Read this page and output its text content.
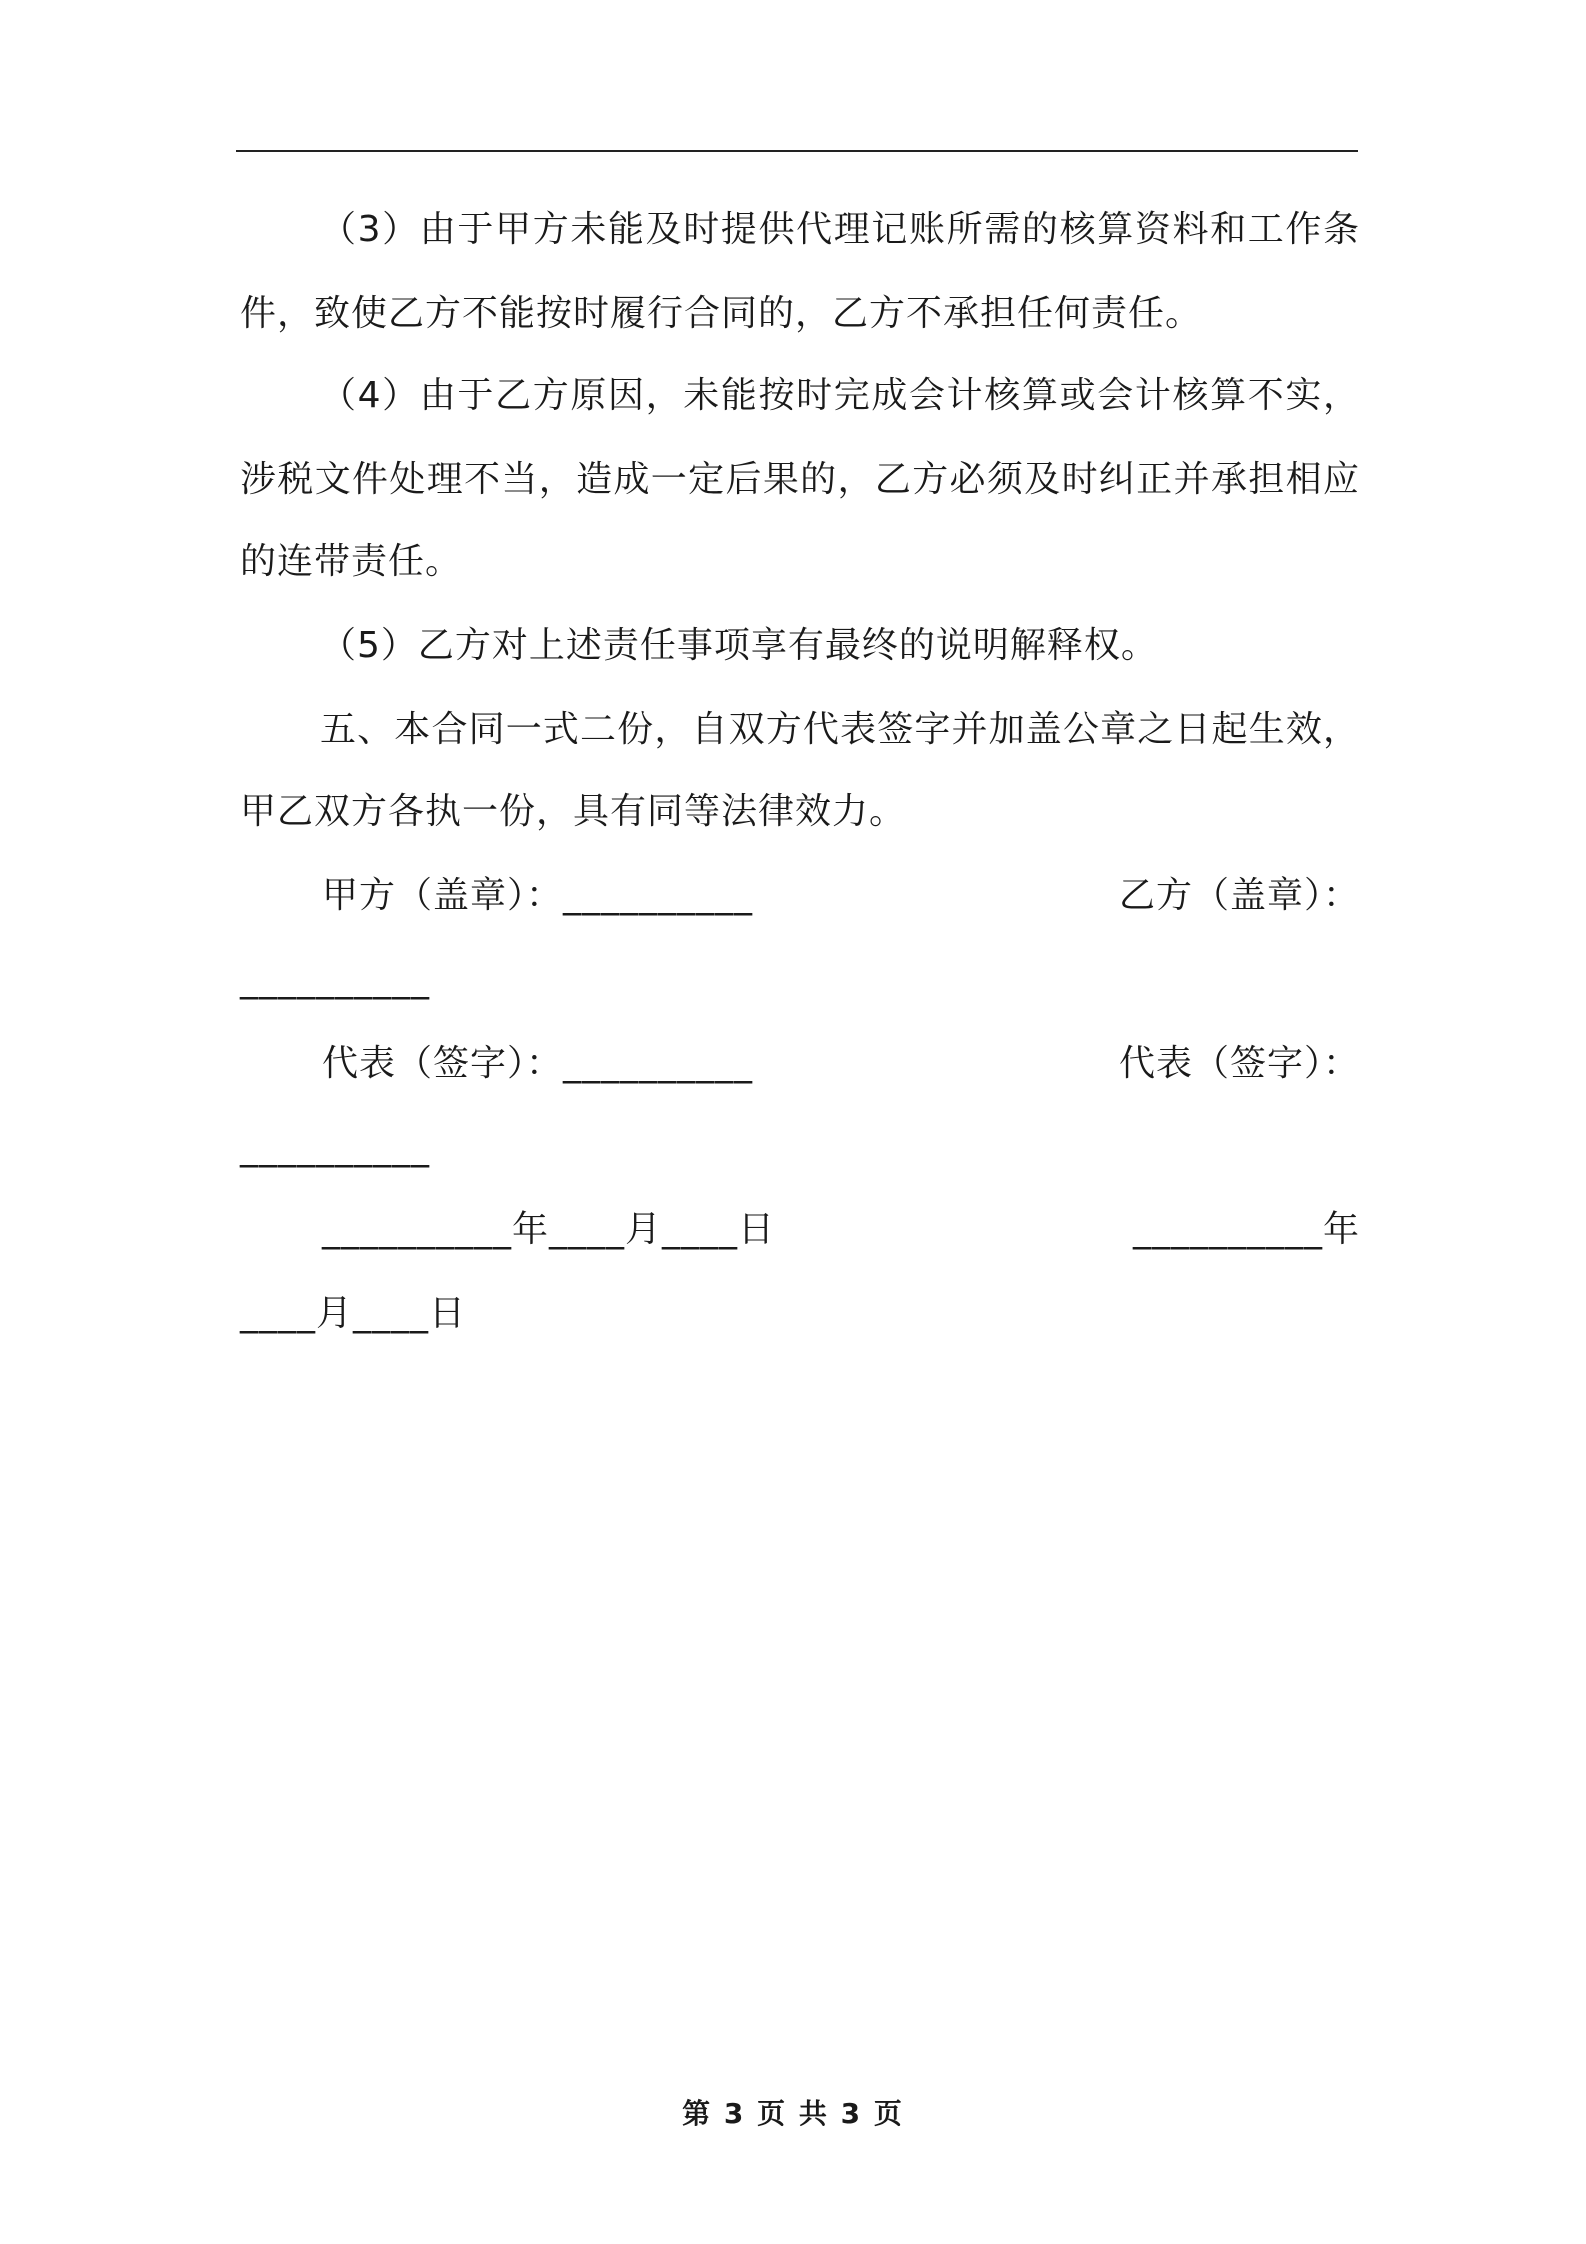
（3）由于甲方未能及时提供代理记账所需的核算资料和工作条
件，致使乙方不能按时履行合同的，乙方不承担任何责任。
（4）由于乙方原因，未能按时完成会计核算或会计核算不实，
涉税文件处理不当，造成一定后果的，乙方必须及时纠正并承担相应
的连带责任。
（5）乙方对上述责任事项享有最终的说明解释权。
五、本合同一式二份，自双方代表签字并加盖公章之日起生效，
甲乙双方各执一份，具有同等法律效力。
甲方（盖章）：__________	乙方（盖章）：
__________
代表（签字）：__________	代表（签字）：
__________
__________年____月____日	__________年
____月____日
第 3 页 共 3 页
